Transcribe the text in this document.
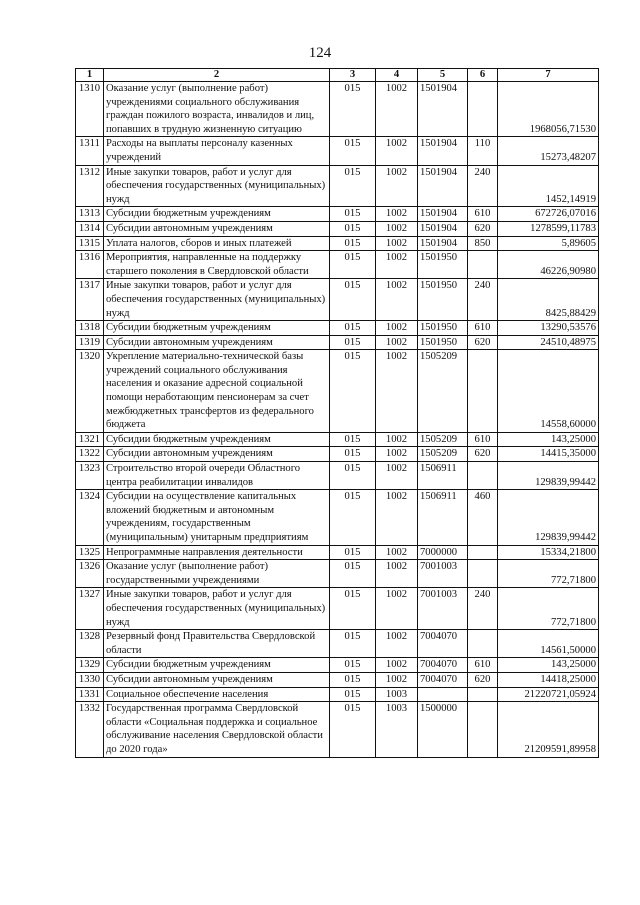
124
1	2	3	4	5	6	7
1310	Оказание услуг (выполнение работ) учреждениями социального обслуживания граждан пожилого возраста, инвалидов и лиц, попавших в трудную жизненную ситуацию	015	1002	1501904		1968056,71530
1311	Расходы на выплаты персоналу казенных учреждений	015	1002	1501904	110	15273,48207
1312	Иные закупки товаров, работ и услуг для обеспечения государственных (муниципальных) нужд	015	1002	1501904	240	1452,14919
1313	Субсидии бюджетным учреждениям	015	1002	1501904	610	672726,07016
1314	Субсидии автономным учреждениям	015	1002	1501904	620	1278599,11783
1315	Уплата налогов, сборов и иных платежей	015	1002	1501904	850	5,89605
1316	Мероприятия, направленные на поддержку старшего поколения в Свердловской области	015	1002	1501950		46226,90980
1317	Иные закупки товаров, работ и услуг для обеспечения государственных (муниципальных) нужд	015	1002	1501950	240	8425,88429
1318	Субсидии бюджетным учреждениям	015	1002	1501950	610	13290,53576
1319	Субсидии автономным учреждениям	015	1002	1501950	620	24510,48975
1320	Укрепление материально-технической базы учреждений социального обслуживания населения и оказание адресной социальной помощи неработающим пенсионерам за счет межбюджетных трансфертов из федерального бюджета	015	1002	1505209		14558,60000
1321	Субсидии бюджетным учреждениям	015	1002	1505209	610	143,25000
1322	Субсидии автономным учреждениям	015	1002	1505209	620	14415,35000
1323	Строительство второй очереди Областного центра реабилитации инвалидов	015	1002	1506911		129839,99442
1324	Субсидии на осуществление капитальных вложений бюджетным и автономным учреждениям, государственным (муниципальным) унитарным предприятиям	015	1002	1506911	460	129839,99442
1325	Непрограммные направления деятельности	015	1002	7000000		15334,21800
1326	Оказание услуг (выполнение работ) государственными учреждениями	015	1002	7001003		772,71800
1327	Иные закупки товаров, работ и услуг для обеспечения государственных (муниципальных) нужд	015	1002	7001003	240	772,71800
1328	Резервный фонд Правительства Свердловской области	015	1002	7004070		14561,50000
1329	Субсидии бюджетным учреждениям	015	1002	7004070	610	143,25000
1330	Субсидии автономным учреждениям	015	1002	7004070	620	14418,25000
1331	Социальное обеспечение населения	015	1003			21220721,05924
1332	Государственная программа Свердловской области «Социальная поддержка и социальное обслуживание населения Свердловской области до 2020 года»	015	1003	1500000		21209591,89958
